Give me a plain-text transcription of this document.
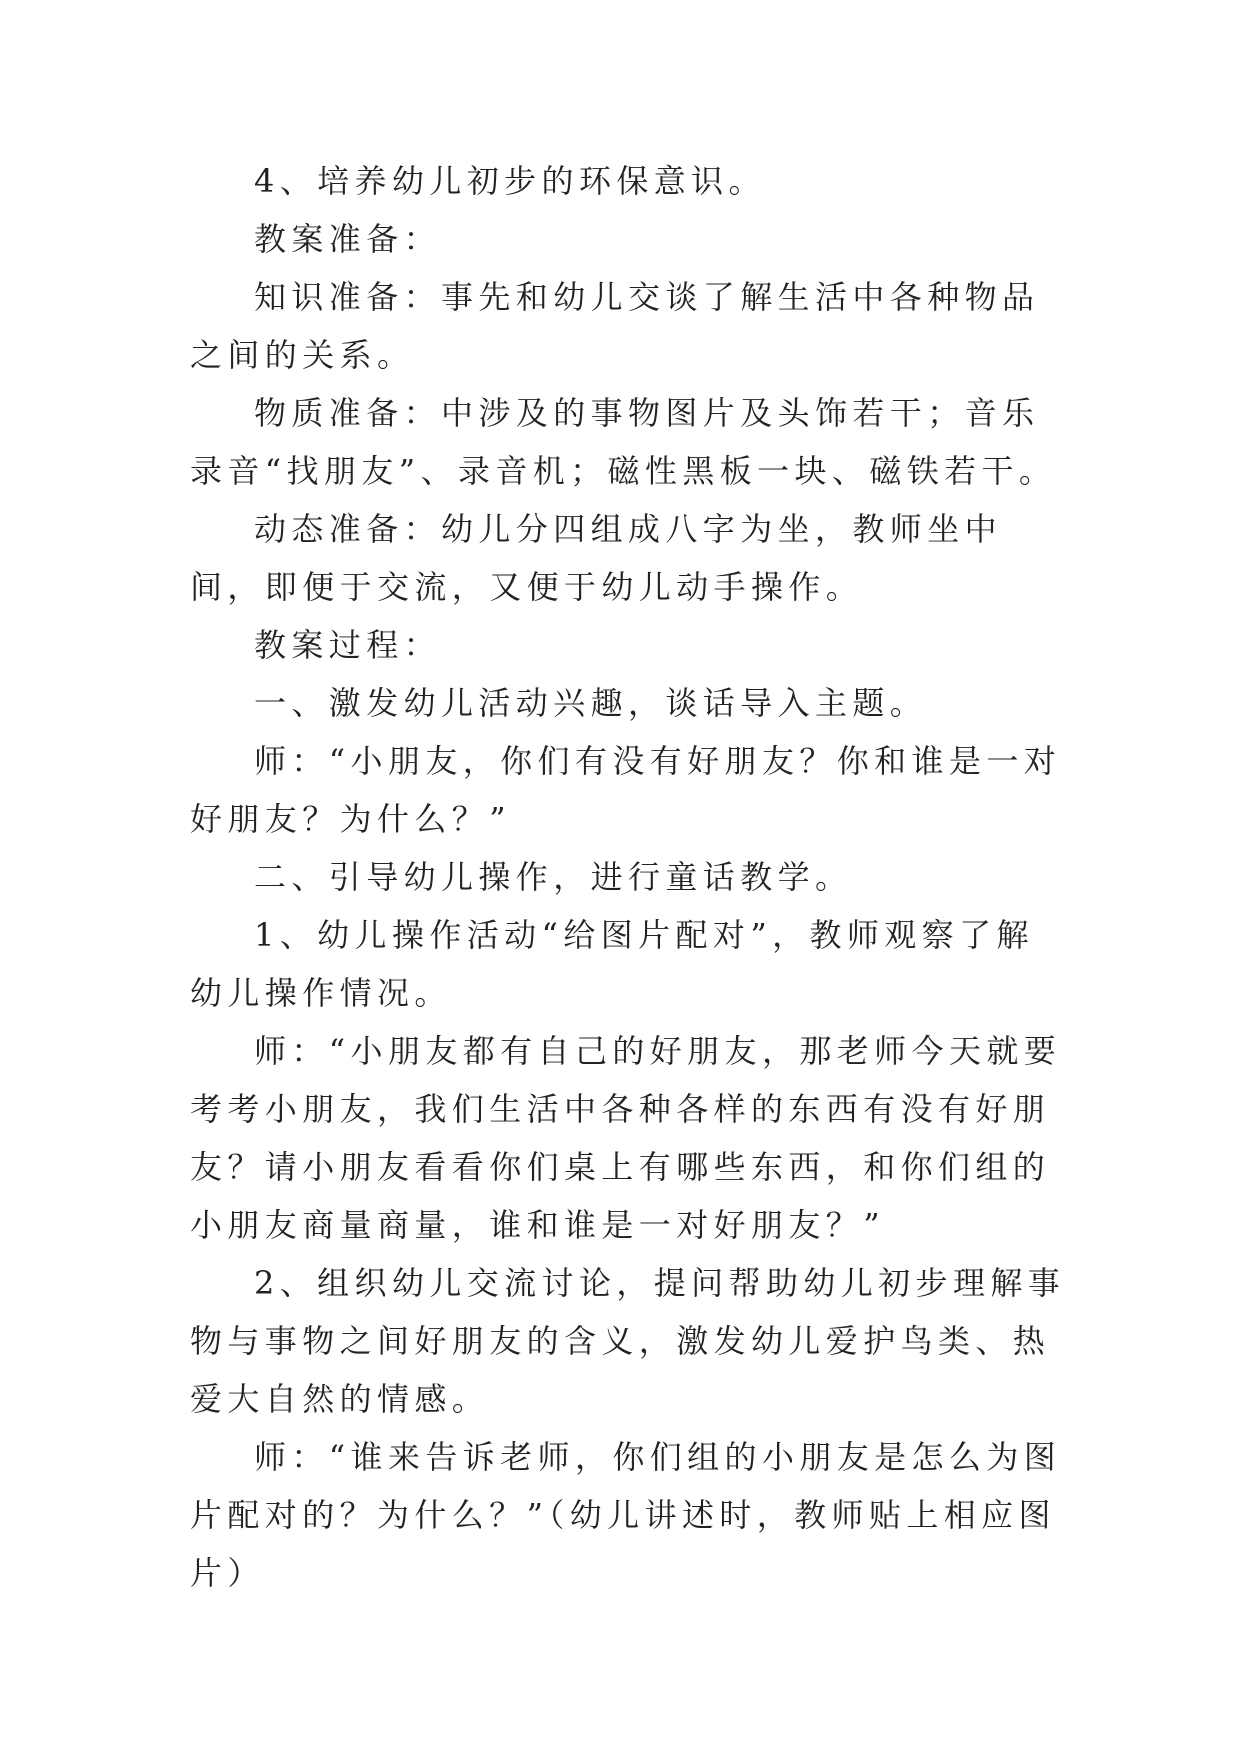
4、培养幼儿初步的环保意识。

教案准备：

知识准备：事先和幼儿交谈了解生活中各种物品之间的关系。

物质准备：中涉及的事物图片及头饰若干；音乐录音“找朋友”、录音机；磁性黑板一块、磁铁若干。

动态准备：幼儿分四组成八字为坐，教师坐中间，即便于交流，又便于幼儿动手操作。

教案过程：

一、激发幼儿活动兴趣，谈话导入主题。

师：“小朋友，你们有没有好朋友？你和谁是一对好朋友？为什么？”

二、引导幼儿操作，进行童话教学。

1、幼儿操作活动“给图片配对”，教师观察了解幼儿操作情况。

师：“小朋友都有自己的好朋友，那老师今天就要考考小朋友，我们生活中各种各样的东西有没有好朋友？请小朋友看看你们桌上有哪些东西，和你们组的小朋友商量商量，谁和谁是一对好朋友？”

2、组织幼儿交流讨论，提问帮助幼儿初步理解事物与事物之间好朋友的含义，激发幼儿爱护鸟类、热爱大自然的情感。

师：“谁来告诉老师，你们组的小朋友是怎么为图片配对的？为什么？”（幼儿讲述时，教师贴上相应图片）
